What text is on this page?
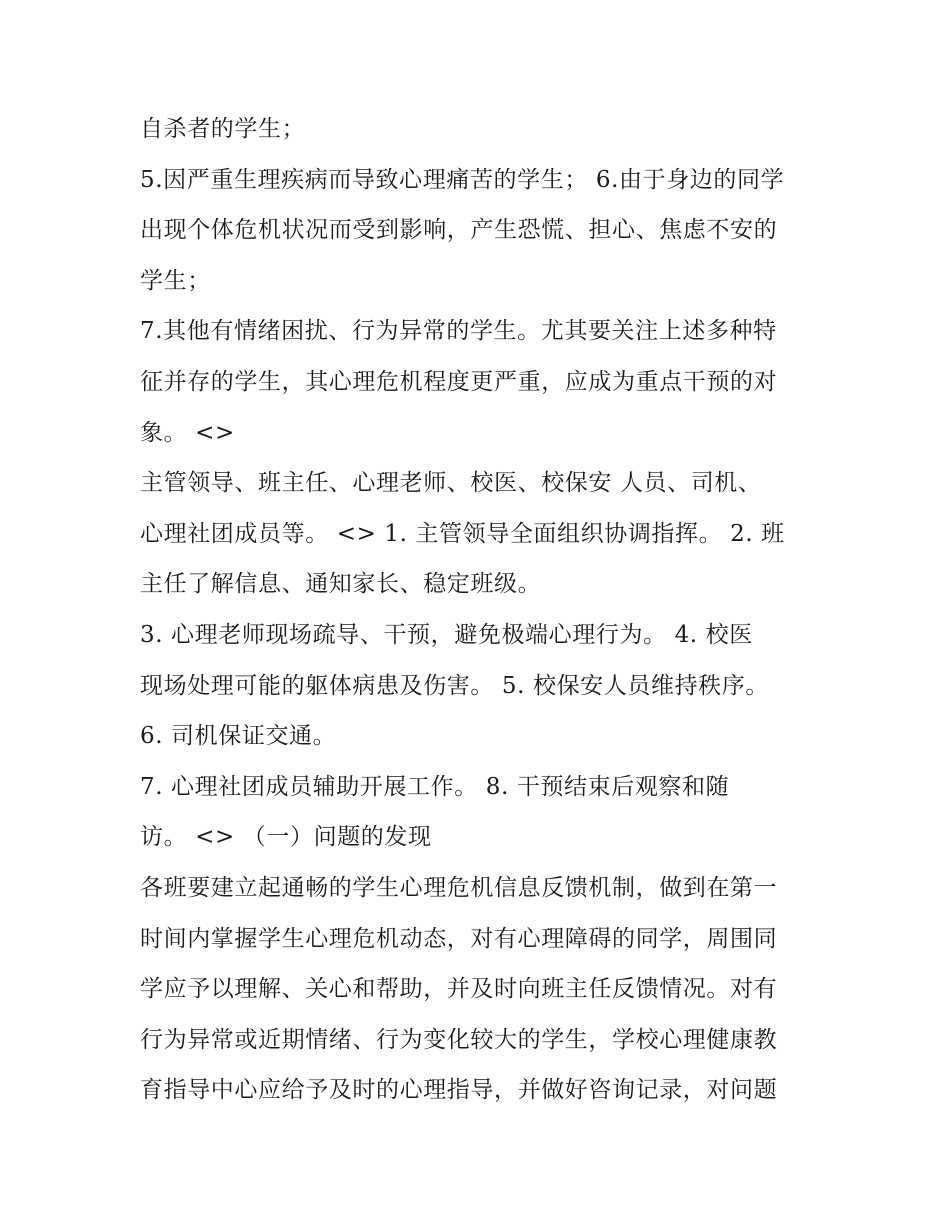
自杀者的学生；
5.因严重生理疾病而导致心理痛苦的学生； 6.由于身边的同学
出现个体危机状况而受到影响，产生恐慌、担心、焦虑不安的
学生；
7.其他有情绪困扰、行为异常的学生。尤其要关注上述多种特
征并存的学生，其心理危机程度更严重，应成为重点干预的对
象。 <>
主管领导、班主任、心理老师、校医、校保安 人员、司机、
心理社团成员等。 <> 1. 主管领导全面组织协调指挥。 2. 班
主任了解信息、通知家长、稳定班级。
3. 心理老师现场疏导、干预，避免极端心理行为。 4. 校医
现场处理可能的躯体病患及伤害。 5. 校保安人员维持秩序。
6. 司机保证交通。
7. 心理社团成员辅助开展工作。 8. 干预结束后观察和随
访。 <> （一）问题的发现
各班要建立起通畅的学生心理危机信息反馈机制，做到在第一
时间内掌握学生心理危机动态，对有心理障碍的同学，周围同
学应予以理解、关心和帮助，并及时向班主任反馈情况。对有
行为异常或近期情绪、行为变化较大的学生，学校心理健康教
育指导中心应给予及时的心理指导，并做好咨询记录，对问题
